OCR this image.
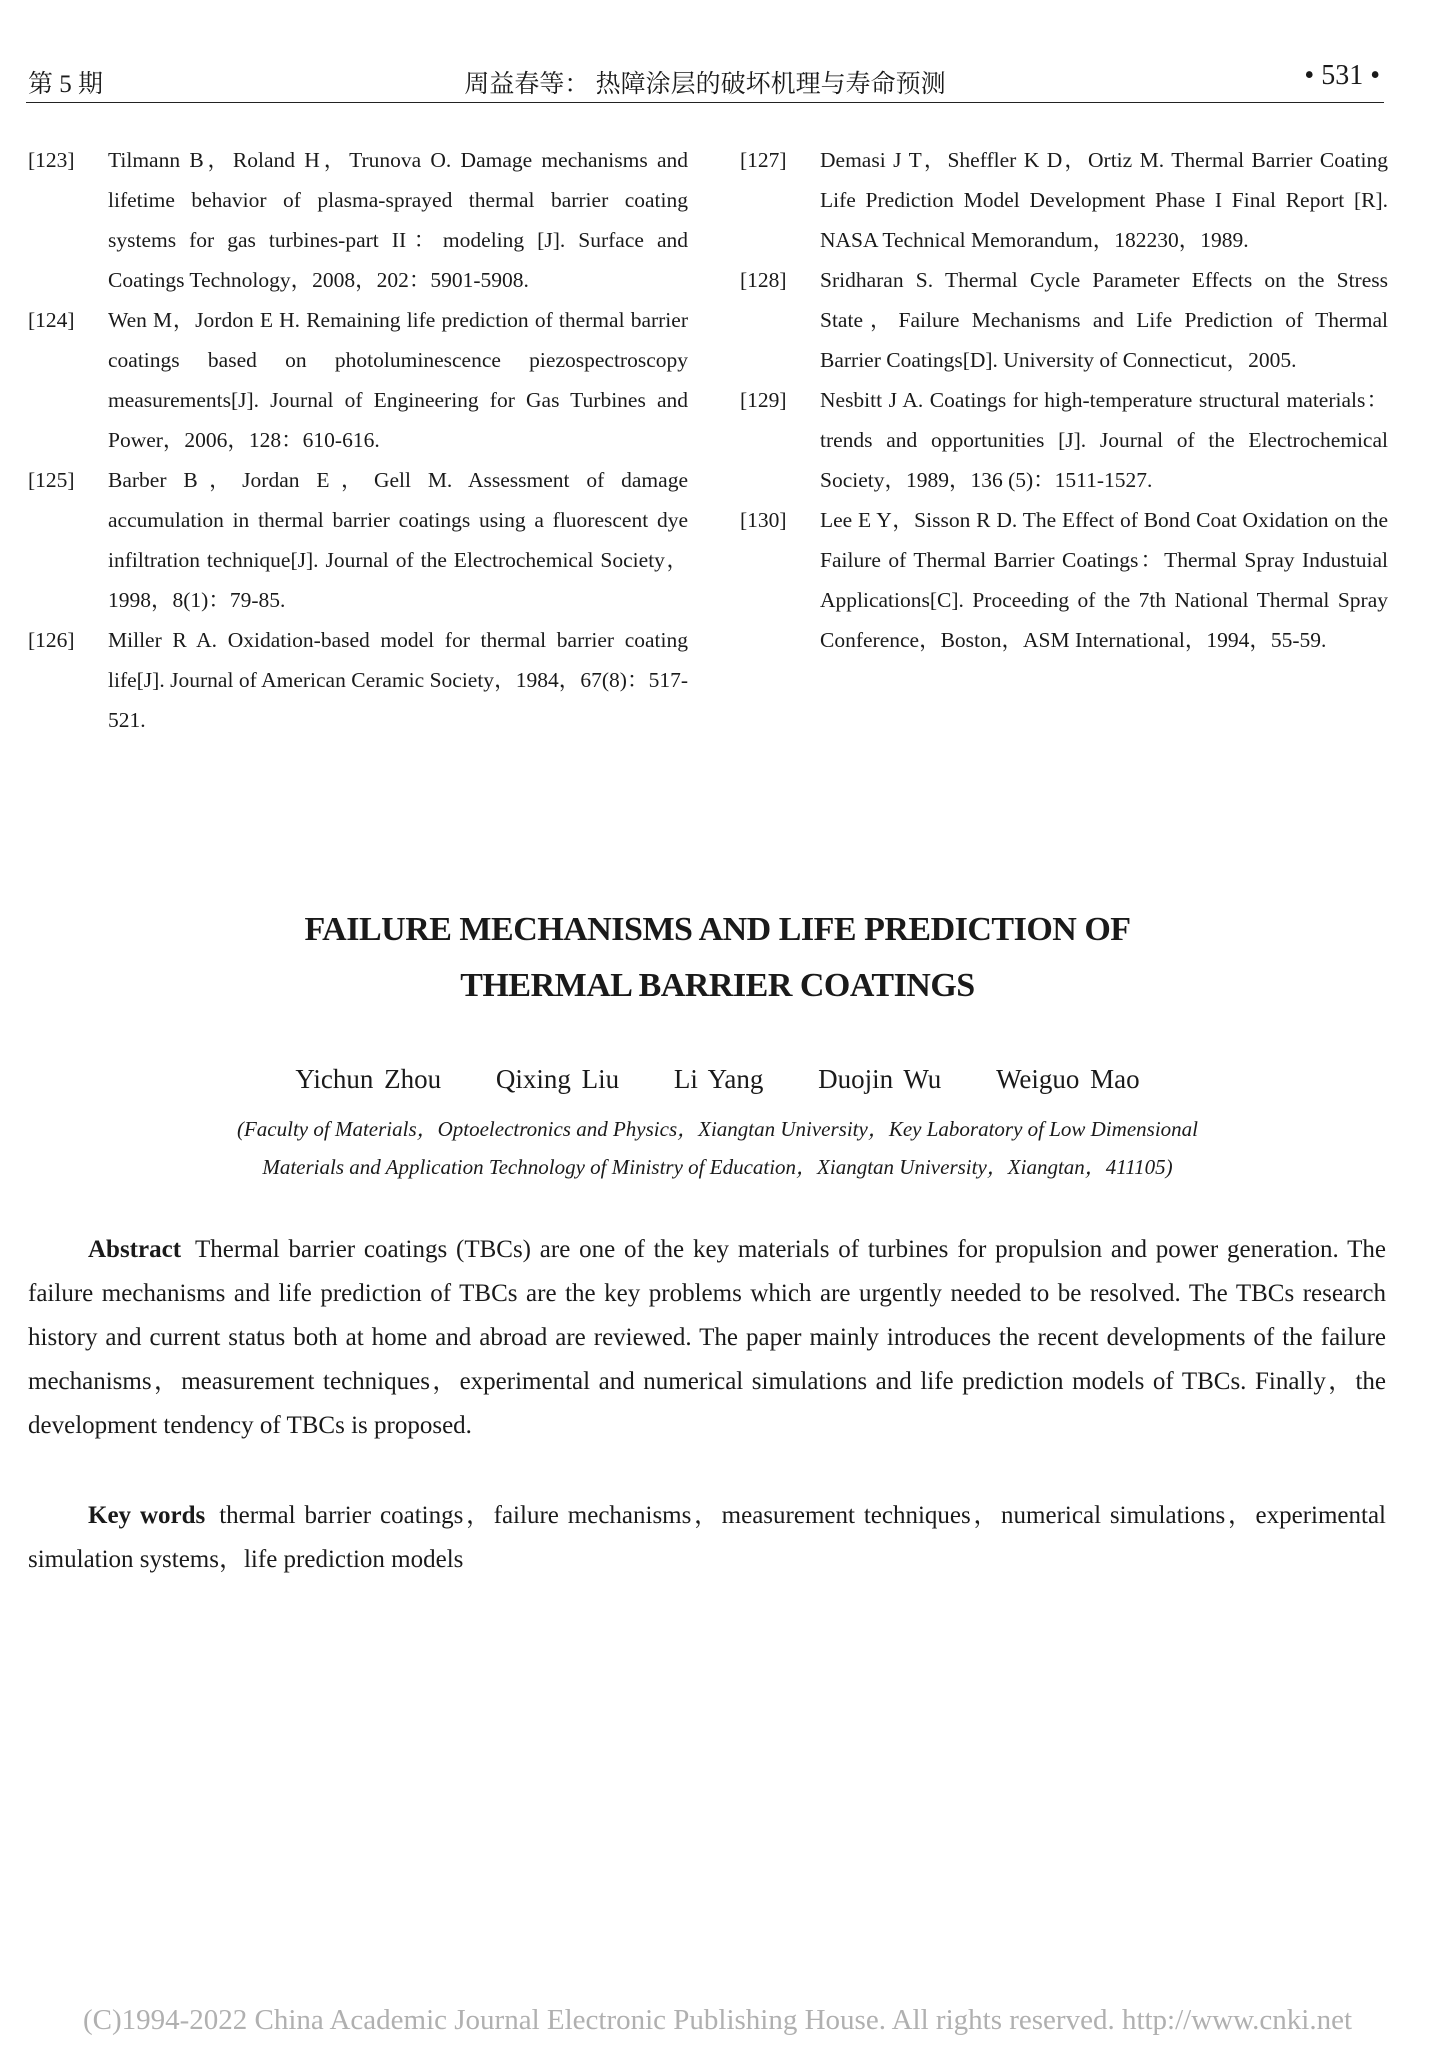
第 5 期	周益春等： 热障涂层的破坏机理与寿命预测	• 531 •
[123]	Tilmann B，Roland H，Trunova O. Damage mechanisms and lifetime behavior of plasma-sprayed thermal barrier coating systems for gas turbines-part II：modeling [J]. Surface and Coatings Technology，2008，202：5901-5908.
[124]	Wen M，Jordon E H. Remaining life prediction of thermal barrier coatings based on photoluminescence piezospectroscopy measurements[J]. Journal of Engineering for Gas Turbines and Power，2006，128：610-616.
[125]	Barber B，Jordan E，Gell M. Assessment of damage accumulation in thermal barrier coatings using a fluorescent dye infiltration technique[J]. Journal of the Electrochemical Society，1998，8(1)：79-85.
[126]	Miller R A. Oxidation-based model for thermal barrier coating life[J]. Journal of American Ceramic Society，1984，67(8)：517-521.
[127]	Demasi J T，Sheffler K D，Ortiz M. Thermal Barrier Coating Life Prediction Model Development Phase I Final Report [R]. NASA Technical Memorandum，182230，1989.
[128]	Sridharan S. Thermal Cycle Parameter Effects on the Stress State，Failure Mechanisms and Life Prediction of Thermal Barrier Coatings[D]. University of Connecticut，2005.
[129]	Nesbitt J A. Coatings for high-temperature structural materials：trends and opportunities [J]. Journal of the Electrochemical Society，1989，136 (5)：1511-1527.
[130]	Lee E Y，Sisson R D. The Effect of Bond Coat Oxidation on the Failure of Thermal Barrier Coatings：Thermal Spray Industuial Applications[C]. Proceeding of the 7th National Thermal Spray Conference，Boston，ASM International，1994，55-59.
FAILURE MECHANISMS AND LIFE PREDICTION OF
THERMAL BARRIER COATINGS
Yichun Zhou Qixing Liu Li Yang Duojin Wu Weiguo Mao
(Faculty of Materials，Optoelectronics and Physics，Xiangtan University，Key Laboratory of Low Dimensional
Materials and Application Technology of Ministry of Education，Xiangtan University，Xiangtan，411105)
Abstract Thermal barrier coatings (TBCs) are one of the key materials of turbines for propulsion and power generation. The failure mechanisms and life prediction of TBCs are the key problems which are urgently needed to be resolved. The TBCs research history and current status both at home and abroad are reviewed. The paper mainly introduces the recent developments of the failure mechanisms，measurement techniques，experimental and numerical simulations and life prediction models of TBCs. Finally，the development tendency of TBCs is proposed.
Key words thermal barrier coatings，failure mechanisms，measurement techniques，numerical simulations，experimental simulation systems，life prediction models
(C)1994-2022 China Academic Journal Electronic Publishing House. All rights reserved. http://www.cnki.net
